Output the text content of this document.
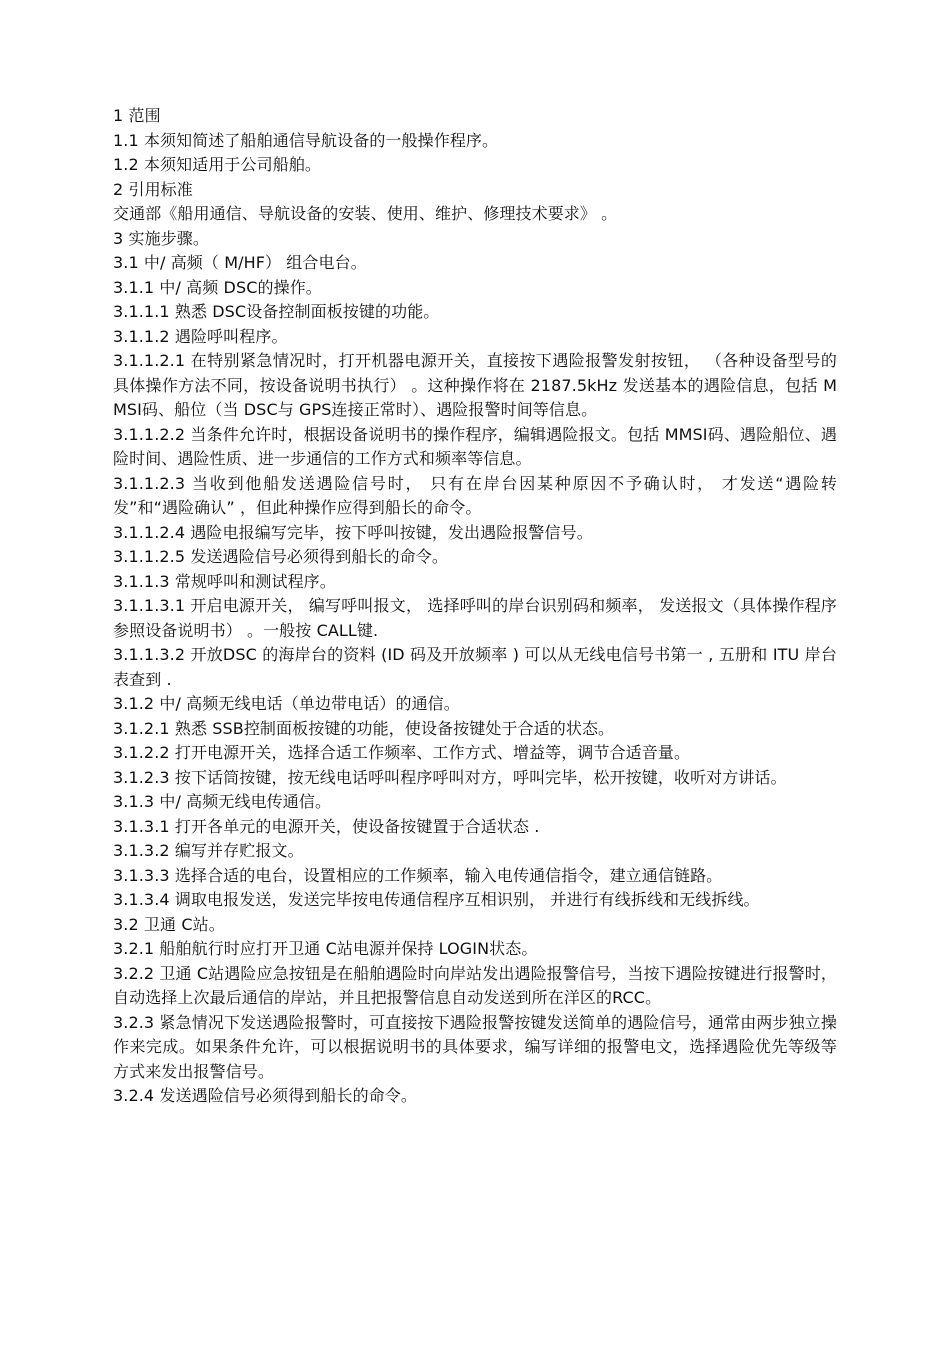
1 范围

1.1 本须知简述了船舶通信导航设备的一般操作程序。

1.2 本须知适用于公司船舶。

2 引用标准

交通部《船用通信、导航设备的安装、使用、维护、修理技术要求》 。

3 实施步骤。

3.1 中/ 高频（ M/HF） 组合电台。

3.1.1 中/ 高频 DSC的操作。

3.1.1.1 熟悉 DSC设备控制面板按键的功能。

3.1.1.2 遇险呼叫程序。

3.1.1.2.1 在特别紧急情况时，打开机器电源开关，直接按下遇险报警发射按钮， （各种设备型号的具体操作方法不同，按设备说明书执行） 。这种操作将在 2187.5kHz 发送基本的遇险信息，包括 MMSI码、船位（当 DSC与 GPS连接正常时）、遇险报警时间等信息。

3.1.1.2.2 当条件允许时，根据设备说明书的操作程序，编辑遇险报文。包括 MMSI码、遇险船位、遇险时间、遇险性质、进一步通信的工作方式和频率等信息。

3.1.1.2.3 当收到他船发送遇险信号时， 只有在岸台因某种原因不予确认时， 才发送“遇险转发”和“遇险确认” ，但此种操作应得到船长的命令。

3.1.1.2.4 遇险电报编写完毕，按下呼叫按键，发出遇险报警信号。

3.1.1.2.5 发送遇险信号必须得到船长的命令。

3.1.1.3 常规呼叫和测试程序。

3.1.1.3.1 开启电源开关， 编写呼叫报文， 选择呼叫的岸台识别码和频率， 发送报文（具体操作程序参照设备说明书） 。一般按 CALL键.

3.1.1.3.2 开放DSC 的海岸台的资料 (ID 码及开放频率 ) 可以从无线电信号书第一 , 五册和 ITU 岸台表查到 .

3.1.2 中/ 高频无线电话（单边带电话）的通信。

3.1.2.1 熟悉 SSB控制面板按键的功能，使设备按键处于合适的状态。

3.1.2.2 打开电源开关，选择合适工作频率、工作方式、增益等，调节合适音量。

3.1.2.3 按下话筒按键，按无线电话呼叫程序呼叫对方，呼叫完毕，松开按键，收听对方讲话。

3.1.3 中/ 高频无线电传通信。

3.1.3.1 打开各单元的电源开关，使设备按键置于合适状态 .

3.1.3.2 编写并存贮报文。

3.1.3.3 选择合适的电台，设置相应的工作频率，输入电传通信指令，建立通信链路。

3.1.3.4 调取电报发送，发送完毕按电传通信程序互相识别， 并进行有线拆线和无线拆线。

3.2 卫通 C站。

3.2.1 船舶航行时应打开卫通 C站电源并保持 LOGIN状态。

3.2.2 卫通 C站遇险应急按钮是在船舶遇险时向岸站发出遇险报警信号，当按下遇险按键进行报警时，自动选择上次最后通信的岸站，并且把报警信息自动发送到所在洋区的RCC。

3.2.3 紧急情况下发送遇险报警时，可直接按下遇险报警按键发送简单的遇险信号，通常由两步独立操作来完成。如果条件允许，可以根据说明书的具体要求，编写详细的报警电文，选择遇险优先等级等方式来发出报警信号。

3.2.4 发送遇险信号必须得到船长的命令。
